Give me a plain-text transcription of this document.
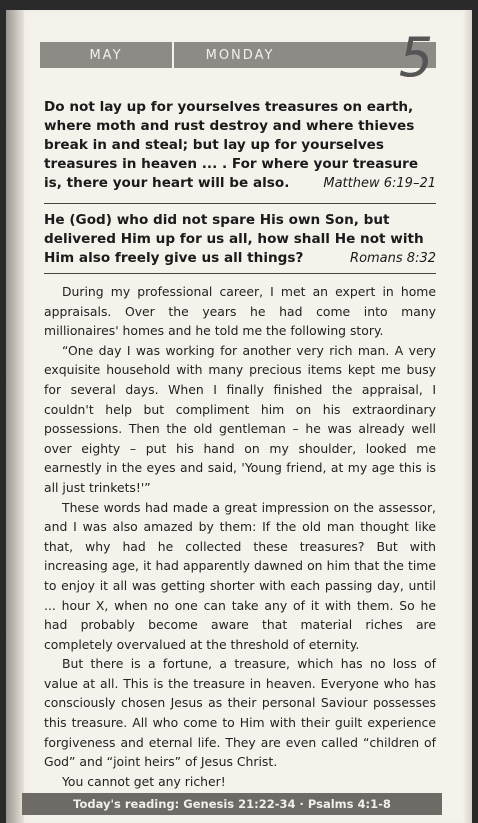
MAY	MONDAY	5
Do not lay up for yourselves treasures on earth, where moth and rust destroy and where thieves break in and steal; but lay up for yourselves treasures in heaven ... . For where your treasure is, there your heart will be also.	Matthew 6:19–21
He (God) who did not spare His own Son, but delivered Him up for us all, how shall He not with Him also freely give us all things?	Romans 8:32

During my professional career, I met an expert in home appraisals. Over the years he had come into many millionaires' homes and he told me the following story.

“One day I was working for another very rich man. A very exquisite household with many precious items kept me busy for several days. When I finally finished the appraisal, I couldn't help but compliment him on his extraordinary possessions. Then the old gentleman – he was already well over eighty – put his hand on my shoulder, looked me earnestly in the eyes and said, 'Young friend, at my age this is all just trinkets!'”

These words had made a great impression on the assessor, and I was also amazed by them: If the old man thought like that, why had he collected these treasures? But with increasing age, it had apparently dawned on him that the time to enjoy it all was getting shorter with each passing day, until ... hour X, when no one can take any of it with them. So he had probably become aware that material riches are completely overvalued at the threshold of eternity.

But there is a fortune, a treasure, which has no loss of value at all. This is the treasure in heaven. Everyone who has consciously chosen Jesus as their personal Saviour possesses this treasure. All who come to Him with their guilt experience forgiveness and eternal life. They are even called “children of God” and “joint heirs” of Jesus Christ.

You cannot get any richer!

Today's reading: Genesis 21:22-34 · Psalms 4:1-8
